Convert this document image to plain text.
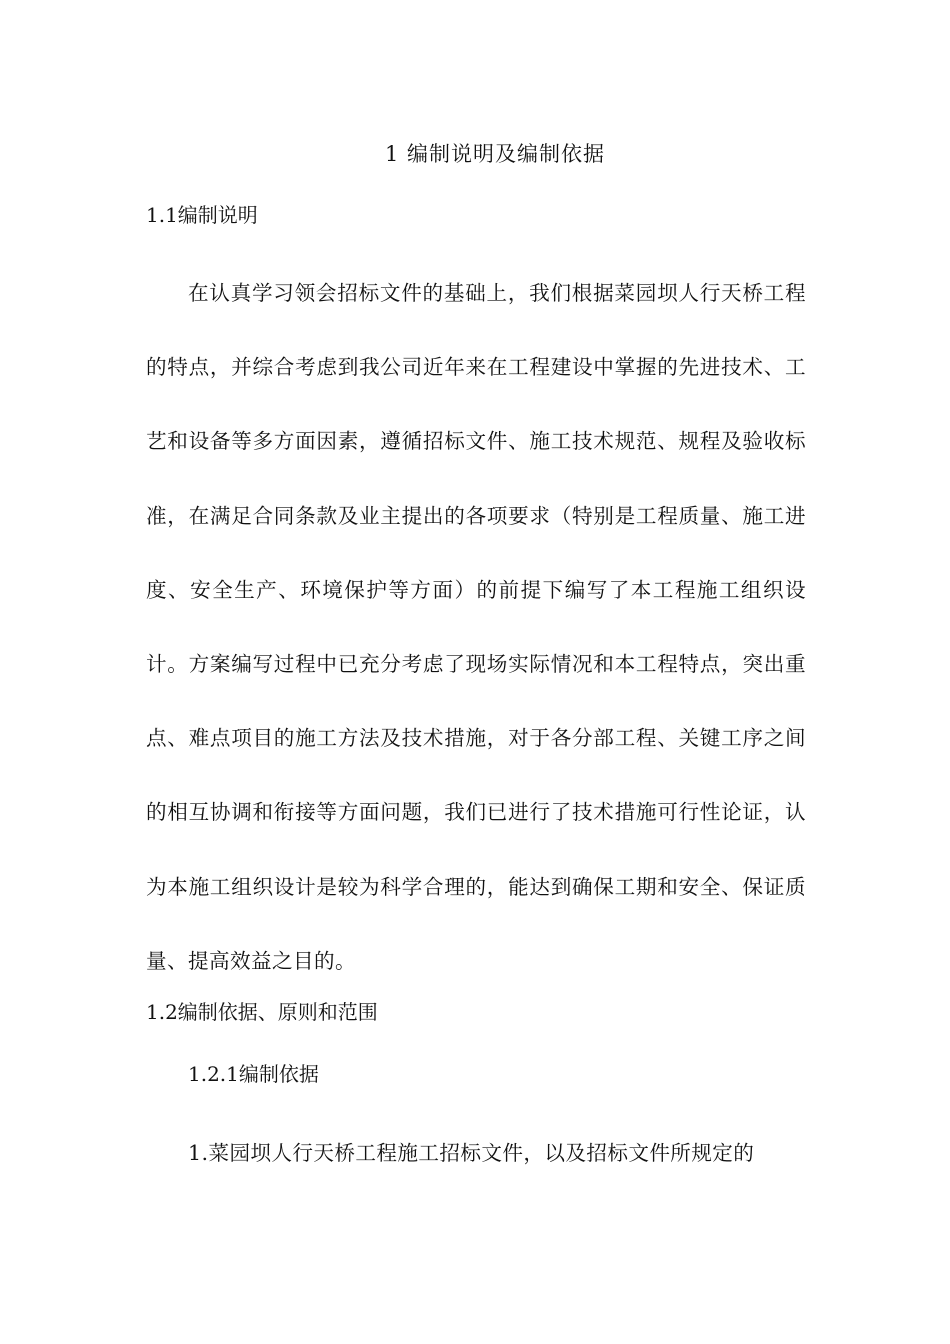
1 编制说明及编制依据
1.1编制说明

在认真学习领会招标文件的基础上，我们根据菜园坝人行天桥工程的特点，并综合考虑到我公司近年来在工程建设中掌握的先进技术、工艺和设备等多方面因素，遵循招标文件、施工技术规范、规程及验收标准，在满足合同条款及业主提出的各项要求（特别是工程质量、施工进度、安全生产、环境保护等方面）的前提下编写了本工程施工组织设计。方案编写过程中已充分考虑了现场实际情况和本工程特点，突出重点、难点项目的施工方法及技术措施，对于各分部工程、关键工序之间的相互协调和衔接等方面问题，我们已进行了技术措施可行性论证，认为本施工组织设计是较为科学合理的，能达到确保工期和安全、保证质量、提高效益之目的。

1.2编制依据、原则和范围
1.2.1编制依据

1.菜园坝人行天桥工程施工招标文件，以及招标文件所规定的
